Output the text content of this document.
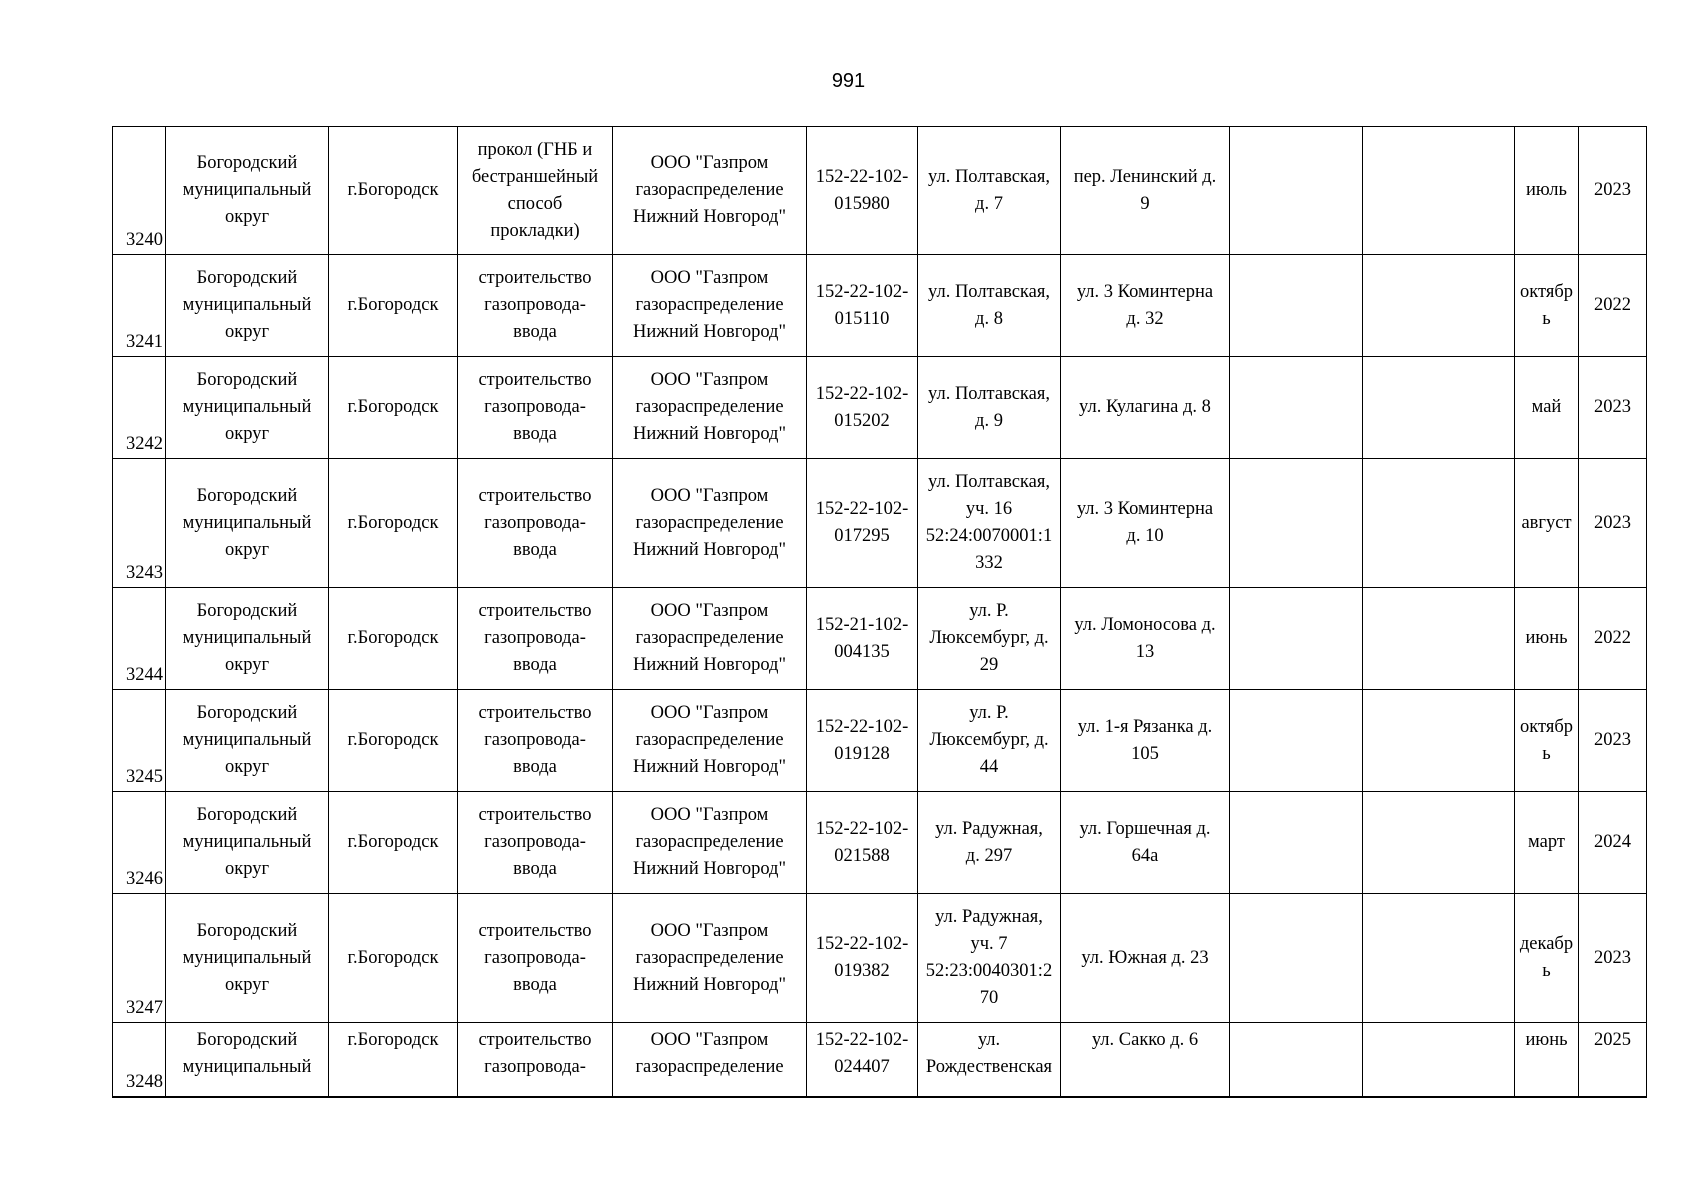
991
3240	Богородский
муниципальный
округ	г.Богородск	прокол (ГНБ и
бестраншейный
способ
прокладки)	ООО "Газпром
газораспределение
Нижний Новгород"	152-22-102-
015980	ул. Полтавская,
д. 7	пер. Ленинский д.
9			июль	2023
3241	Богородский
муниципальный
округ	г.Богородск	строительство
газопровода-
ввода	ООО "Газпром
газораспределение
Нижний Новгород"	152-22-102-
015110	ул. Полтавская,
д. 8	ул. 3 Коминтерна
д. 32			октябр
ь	2022
3242	Богородский
муниципальный
округ	г.Богородск	строительство
газопровода-
ввода	ООО "Газпром
газораспределение
Нижний Новгород"	152-22-102-
015202	ул. Полтавская,
д. 9	ул. Кулагина д. 8			май	2023
3243	Богородский
муниципальный
округ	г.Богородск	строительство
газопровода-
ввода	ООО "Газпром
газораспределение
Нижний Новгород"	152-22-102-
017295	ул. Полтавская,
уч. 16
52:24:0070001:1
332	ул. 3 Коминтерна
д. 10			август	2023
3244	Богородский
муниципальный
округ	г.Богородск	строительство
газопровода-
ввода	ООО "Газпром
газораспределение
Нижний Новгород"	152-21-102-
004135	ул. Р.
Люксембург, д.
29	ул. Ломоносова д.
13			июнь	2022
3245	Богородский
муниципальный
округ	г.Богородск	строительство
газопровода-
ввода	ООО "Газпром
газораспределение
Нижний Новгород"	152-22-102-
019128	ул. Р.
Люксембург, д.
44	ул. 1-я Рязанка д.
105			октябр
ь	2023
3246	Богородский
муниципальный
округ	г.Богородск	строительство
газопровода-
ввода	ООО "Газпром
газораспределение
Нижний Новгород"	152-22-102-
021588	ул. Радужная,
д. 297	ул. Горшечная д.
64а			март	2024
3247	Богородский
муниципальный
округ	г.Богородск	строительство
газопровода-
ввода	ООО "Газпром
газораспределение
Нижний Новгород"	152-22-102-
019382	ул. Радужная,
уч. 7
52:23:0040301:2
70	ул. Южная д. 23			декабр
ь	2023
3248	Богородский
муниципальный	г.Богородск	строительство
газопровода-	ООО "Газпром
газораспределение	152-22-102-
024407	ул.
Рождественская	ул. Сакко д. 6			июнь	2025
